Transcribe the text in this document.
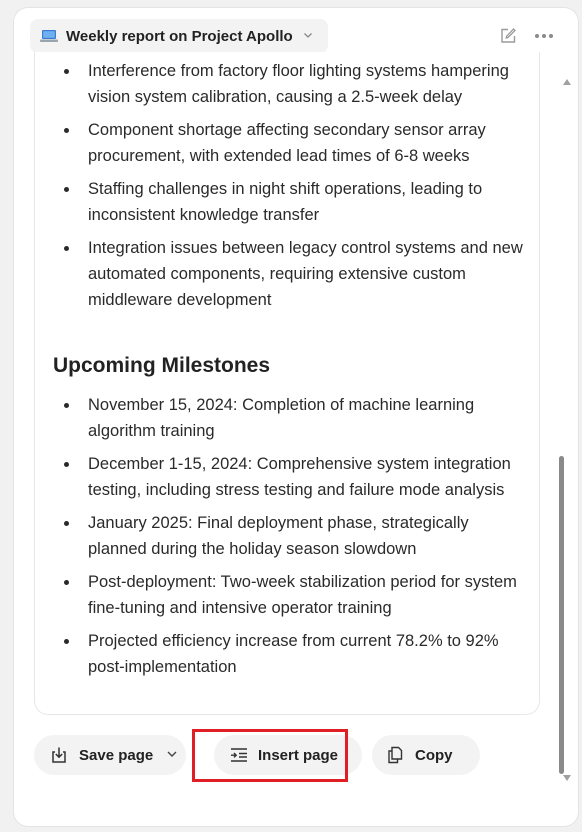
Weekly report on Project Apollo
Interference from factory floor lighting systems hampering vision system calibration, causing a 2.5-week delay
Component shortage affecting secondary sensor array procurement, with extended lead times of 6-8 weeks
Staffing challenges in night shift operations, leading to inconsistent knowledge transfer
Integration issues between legacy control systems and new automated components, requiring extensive custom middleware development
Upcoming Milestones
November 15, 2024: Completion of machine learning algorithm training
December 1-15, 2024: Comprehensive system integration testing, including stress testing and failure mode analysis
January 2025: Final deployment phase, strategically planned during the holiday season slowdown
Post-deployment: Two-week stabilization period for system fine-tuning and intensive operator training
Projected efficiency increase from current 78.2% to 92% post-implementation
Save page	Insert page	Copy
